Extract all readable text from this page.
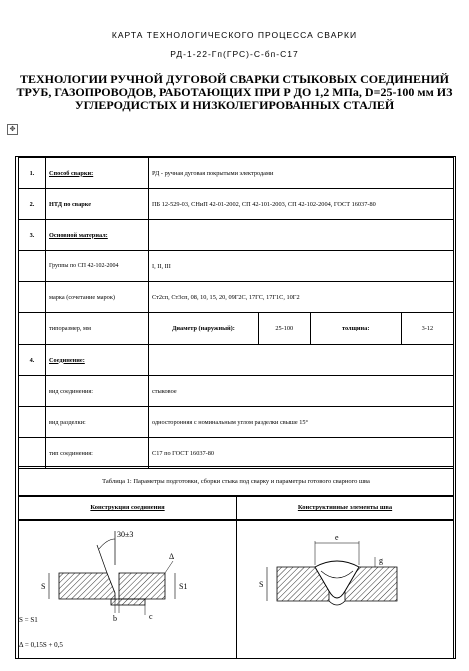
КАРТА ТЕХНОЛОГИЧЕСКОГО ПРОЦЕССА СВАРКИ
РД-1-22-Гп(ГРС)-С-бп-С17
ТЕХНОЛОГИИ РУЧНОЙ ДУГОВОЙ СВАРКИ СТЫКОВЫХ СОЕДИНЕНИЙ ТРУБ, ГАЗОПРОВОДОВ, РАБОТАЮЩИХ ПРИ Р ДО 1,2 МПа, D=25-100 мм ИЗ УГЛЕРОДИСТЫХ И НИЗКОЛЕГИРОВАННЫХ СТАЛЕЙ
✥
1.	Способ сварки:	РД - ручная дуговая покрытыми электродами
2.	НТД по сварке	ПБ 12-529-03, СНиП 42-01-2002, СП 42-101-2003, СП 42-102-2004, ГОСТ 16037-80
3.	Основной материал:	
	Группы по СП 42-102-2004	I, II, III
	марка (сочетание марок)	Ст2сп, Ст3сп, 08, 10, 15, 20, 09Г2С, 17ГС, 17Г1С, 10Г2
	типоразмер, мм		Диаметр (наружный):	25-100	толщина:	3-12

4.	Соединение:	
	вид соединения:	стыковое
	вид разделки:	односторонняя с номинальным углом разделки свыше 15°
	тип соединения:	С17 по ГОСТ 16037-80
Таблица 1: Параметры подготовки, сборки стыка под сварку и параметры готового сварного шва
Конструкция соединения	Конструктивные элементы шва
30±3
S	S1
Δ
b	c
S = S1
Δ = 0,15S + 0,5
e
S
g
